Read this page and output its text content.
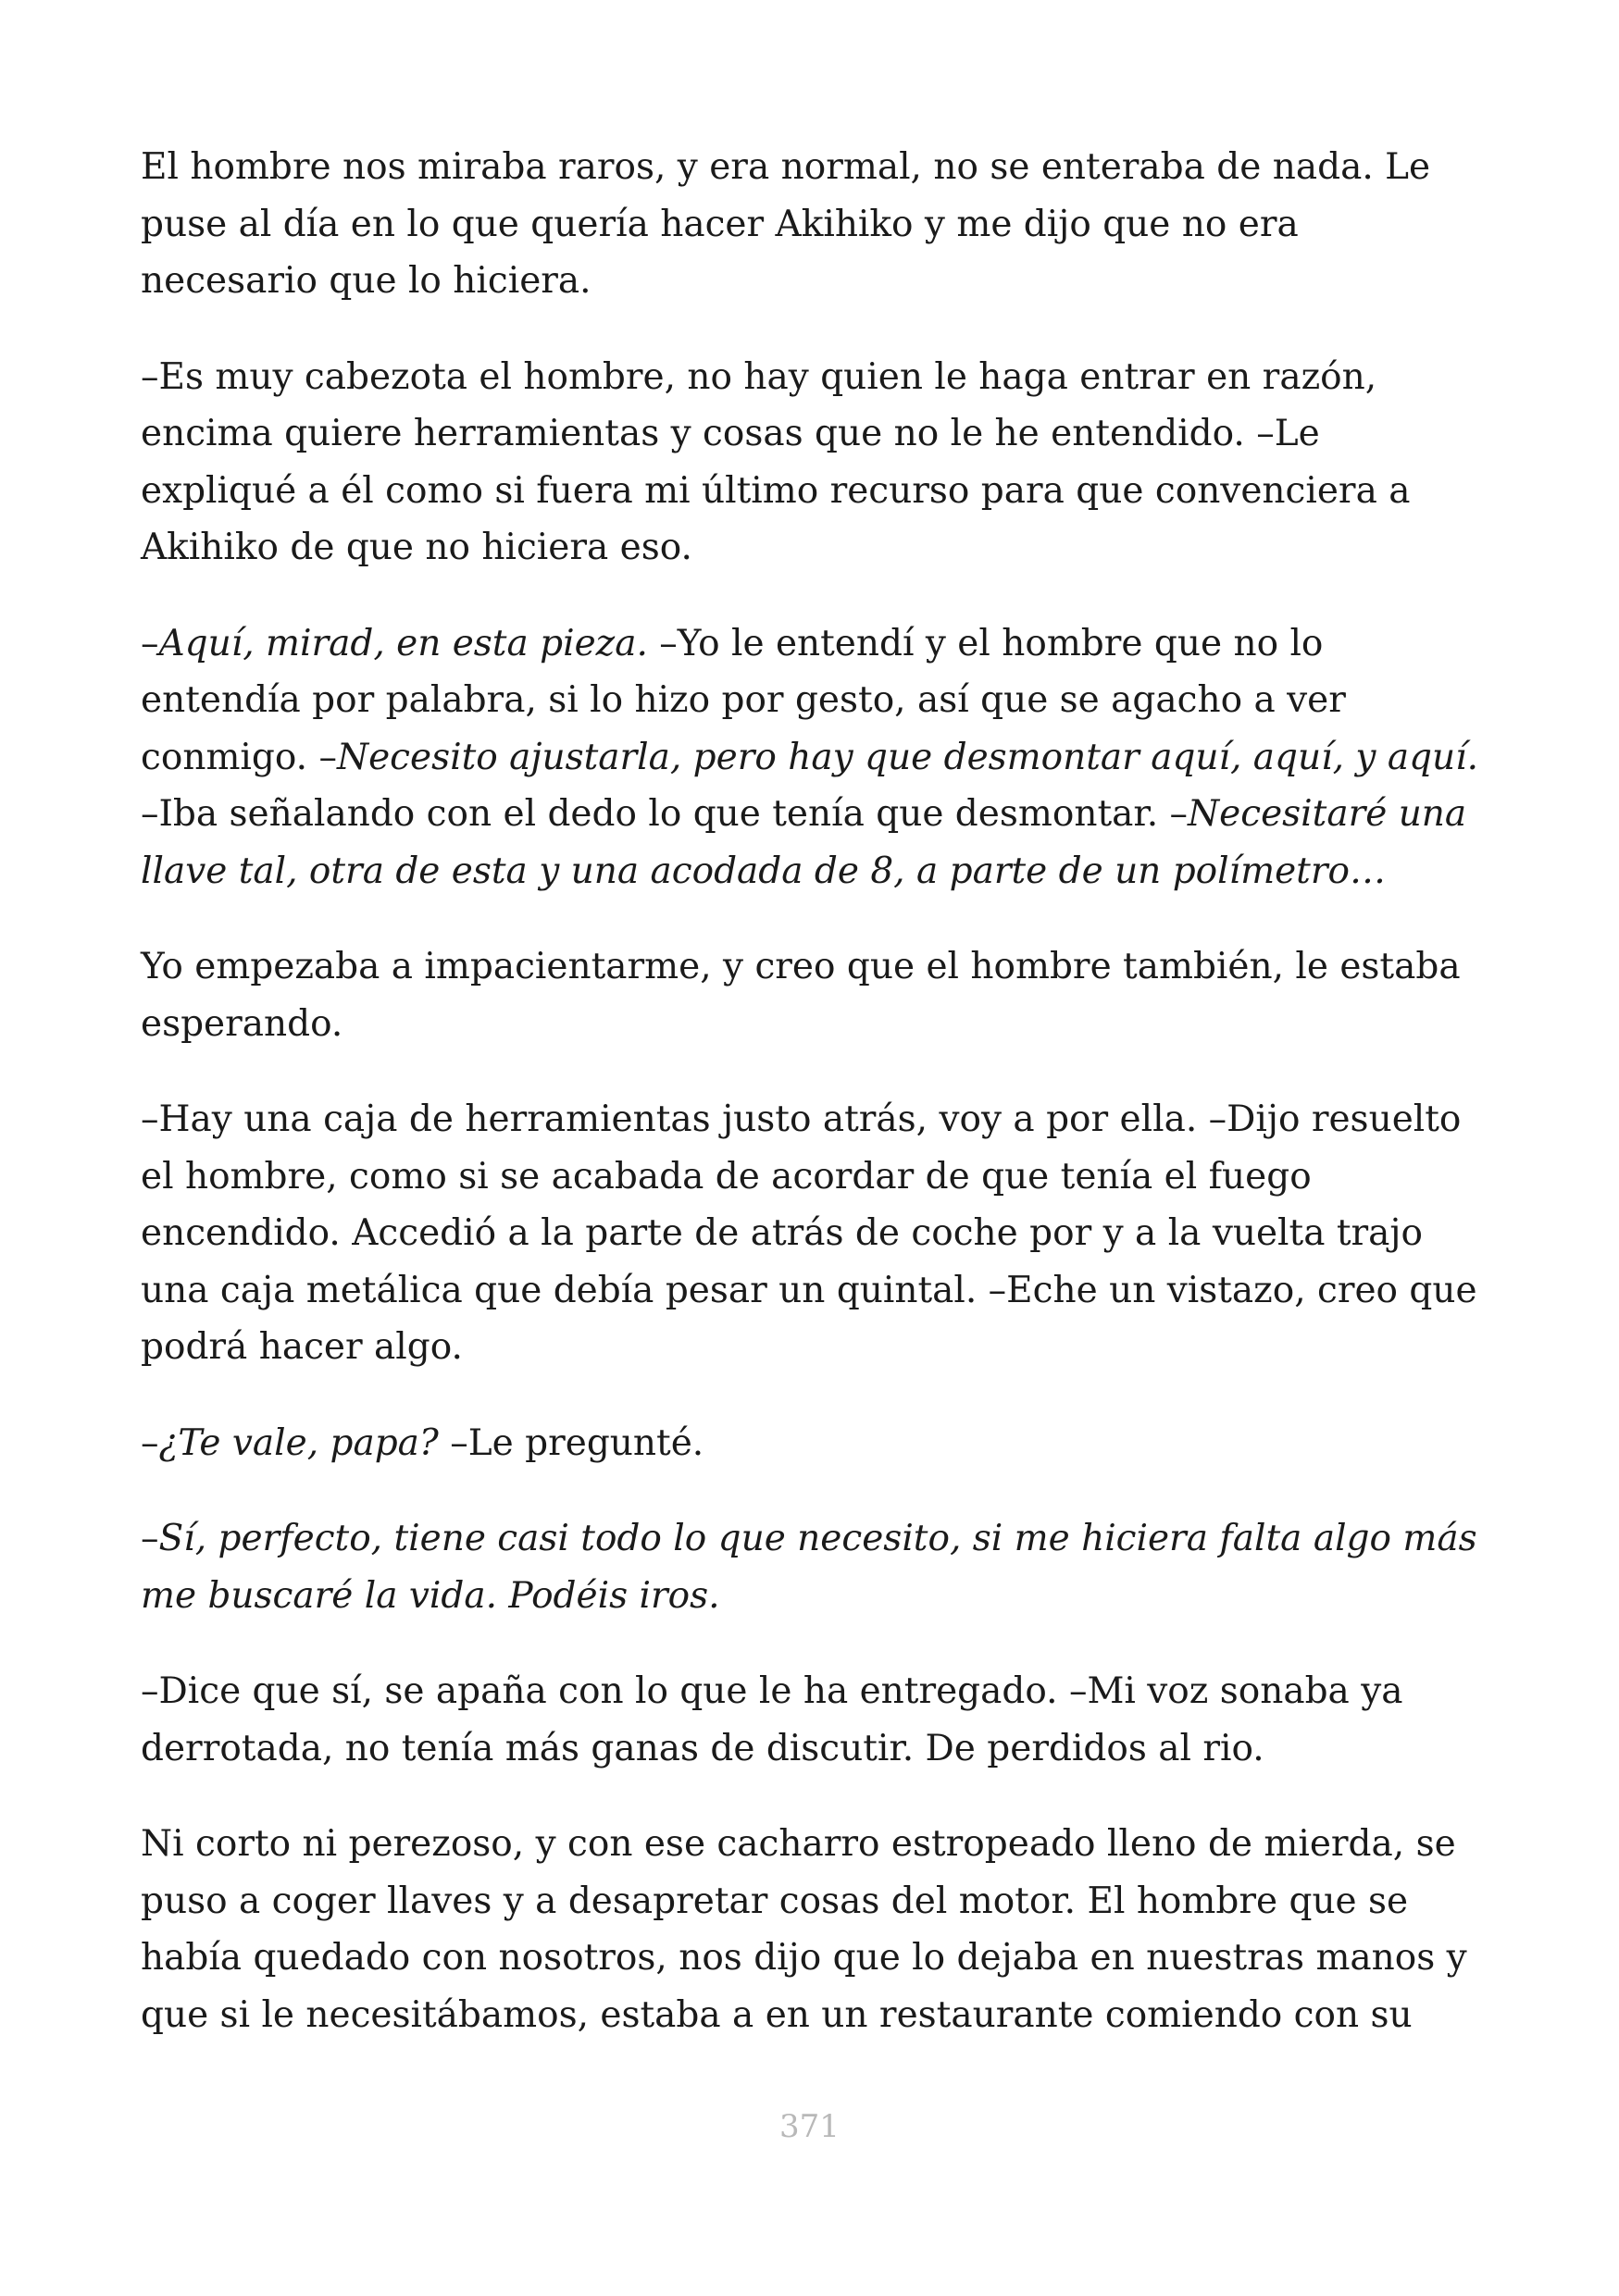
El hombre nos miraba raros, y era normal, no se enteraba de nada. Le puse al día en lo que quería hacer Akihiko y me dijo que no era necesario que lo hiciera.

–Es muy cabezota el hombre, no hay quien le haga entrar en razón, encima quiere herramientas y cosas que no le he entendido. –Le expliqué a él como si fuera mi último recurso para que convenciera a Akihiko de que no hiciera eso.

–Aquí, mirad, en esta pieza. –Yo le entendí y el hombre que no lo entendía por palabra, si lo hizo por gesto, así que se agacho a ver conmigo. –Necesito ajustarla, pero hay que desmontar aquí, aquí, y aquí. –Iba señalando con el dedo lo que tenía que desmontar. –Necesitaré una llave tal, otra de esta y una acodada de 8, a parte de un polímetro…

Yo empezaba a impacientarme, y creo que el hombre también, le estaba esperando.

–Hay una caja de herramientas justo atrás, voy a por ella. –Dijo resuelto el hombre, como si se acabada de acordar de que tenía el fuego encendido. Accedió a la parte de atrás de coche por y a la vuelta trajo una caja metálica que debía pesar un quintal. –Eche un vistazo, creo que podrá hacer algo.

–¿Te vale, papa? –Le pregunté.

–Sí, perfecto, tiene casi todo lo que necesito, si me hiciera falta algo más me buscaré la vida. Podéis iros.

–Dice que sí, se apaña con lo que le ha entregado. –Mi voz sonaba ya derrotada, no tenía más ganas de discutir. De perdidos al rio.

Ni corto ni perezoso, y con ese cacharro estropeado lleno de mierda, se puso a coger llaves y a desapretar cosas del motor. El hombre que se había quedado con nosotros, nos dijo que lo dejaba en nuestras manos y que si le necesitábamos, estaba a en un restaurante comiendo con su

371
